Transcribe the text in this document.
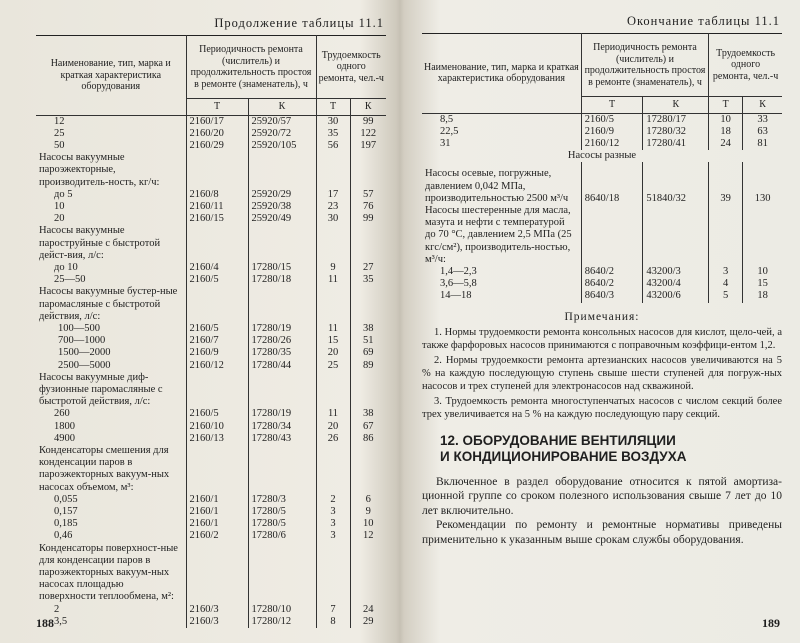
Продолжение таблицы 11.1
Наименование, тип, марка и краткая характеристика оборудования	Периодичность ремонта (числитель) и продолжительность простоя в ремонте (знаменатель), ч		Трудоемкость одного ремонта, чел.-ч	
	Т	К	Т	К
12	2160/17	25920/57	30	99
25	2160/20	25920/72	35	122
50	2160/29	25920/105	56	197
Насосы вакуумные пароэжекторные, производитель-ность, кг/ч:				
до 5	2160/8	25920/29	17	57
10	2160/11	25920/38	23	76
20	2160/15	25920/49	30	99
Насосы вакуумные пароструйные с быстротой дейст-вия, л/с:				
до 10	2160/4	17280/15	9	27
25—50	2160/5	17280/18	11	35
Насосы вакуумные бустер-ные паромасляные с быстротой действия, л/с:				
100—500	2160/5	17280/19	11	38
700—1000	2160/7	17280/26	15	51
1500—2000	2160/9	17280/35	20	69
2500—5000	2160/12	17280/44	25	89
Насосы вакуумные диф-фузионные паромасляные с быстротой действия, л/с:				
260	2160/5	17280/19	11	38
1800	2160/10	17280/34	20	67
4900	2160/13	17280/43	26	86
Конденсаторы смешения для конденсации паров в пароэжекторных вакуум-ных насосах объемом, м³:				
0,055	2160/1	17280/3	2	6
0,157	2160/1	17280/5	3	9
0,185	2160/1	17280/5	3	10
0,46	2160/2	17280/6	3	12
Конденсаторы поверхност-ные для конденсации паров в пароэжекторных вакуум-ных насосах площадью поверхности теплообмена, м²:				
2	2160/3	17280/10	7	24
3,5	2160/3	17280/12	8	29
188
Окончание таблицы 11.1
Наименование, тип, марка и краткая характеристика оборудования	Периодичность ремонта (числитель) и продолжительность простоя в ремонте (знаменатель), ч		Трудоемкость одного ремонта, чел.-ч	
	Т	К	Т	К
8,5	2160/5	17280/17	10	33
22,5	2160/9	17280/32	18	63
31	2160/12	17280/41	24	81
Насосы разные				
Насосы осевые, погружные, давлением 0,042 МПа, производительностью 2500 м³/ч	8640/18	51840/32	39	130
Насосы шестеренные для масла, мазута и нефти с температурой до 70 °С, давлением 2,5 МПа (25 кгс/см²), производитель-ностью, м³/ч:				
1,4—2,3	8640/2	43200/3	3	10
3,6—5,8	8640/2	43200/4	4	15
14—18	8640/3	43200/6	5	18
Примечания:

1. Нормы трудоемкости ремонта консольных насосов для кислот, щело-чей, а также фарфоровых насосов принимаются с поправочным коэффици-ентом 1,2.

2. Нормы трудоемкости ремонта артезианских насосов увеличиваются на 5 % на каждую последующую ступень свыше шести ступеней для погруж-ных насосов и трех ступеней для электронасосов над скважиной.

3. Трудоемкость ремонта многоступенчатых насосов с числом секций более трех увеличивается на 5 % на каждую последующую пару секций.

12. ОБОРУДОВАНИЕ ВЕНТИЛЯЦИИ
И КОНДИЦИОНИРОВАНИЕ ВОЗДУХА

Включенное в раздел оборудование относится к пятой амортиза-ционной группе со сроком полезного использования свыше 7 лет до 10 лет включительно.

Рекомендации по ремонту и ремонтные нормативы приведены применительно к указанным выше срокам службы оборудования.

189
